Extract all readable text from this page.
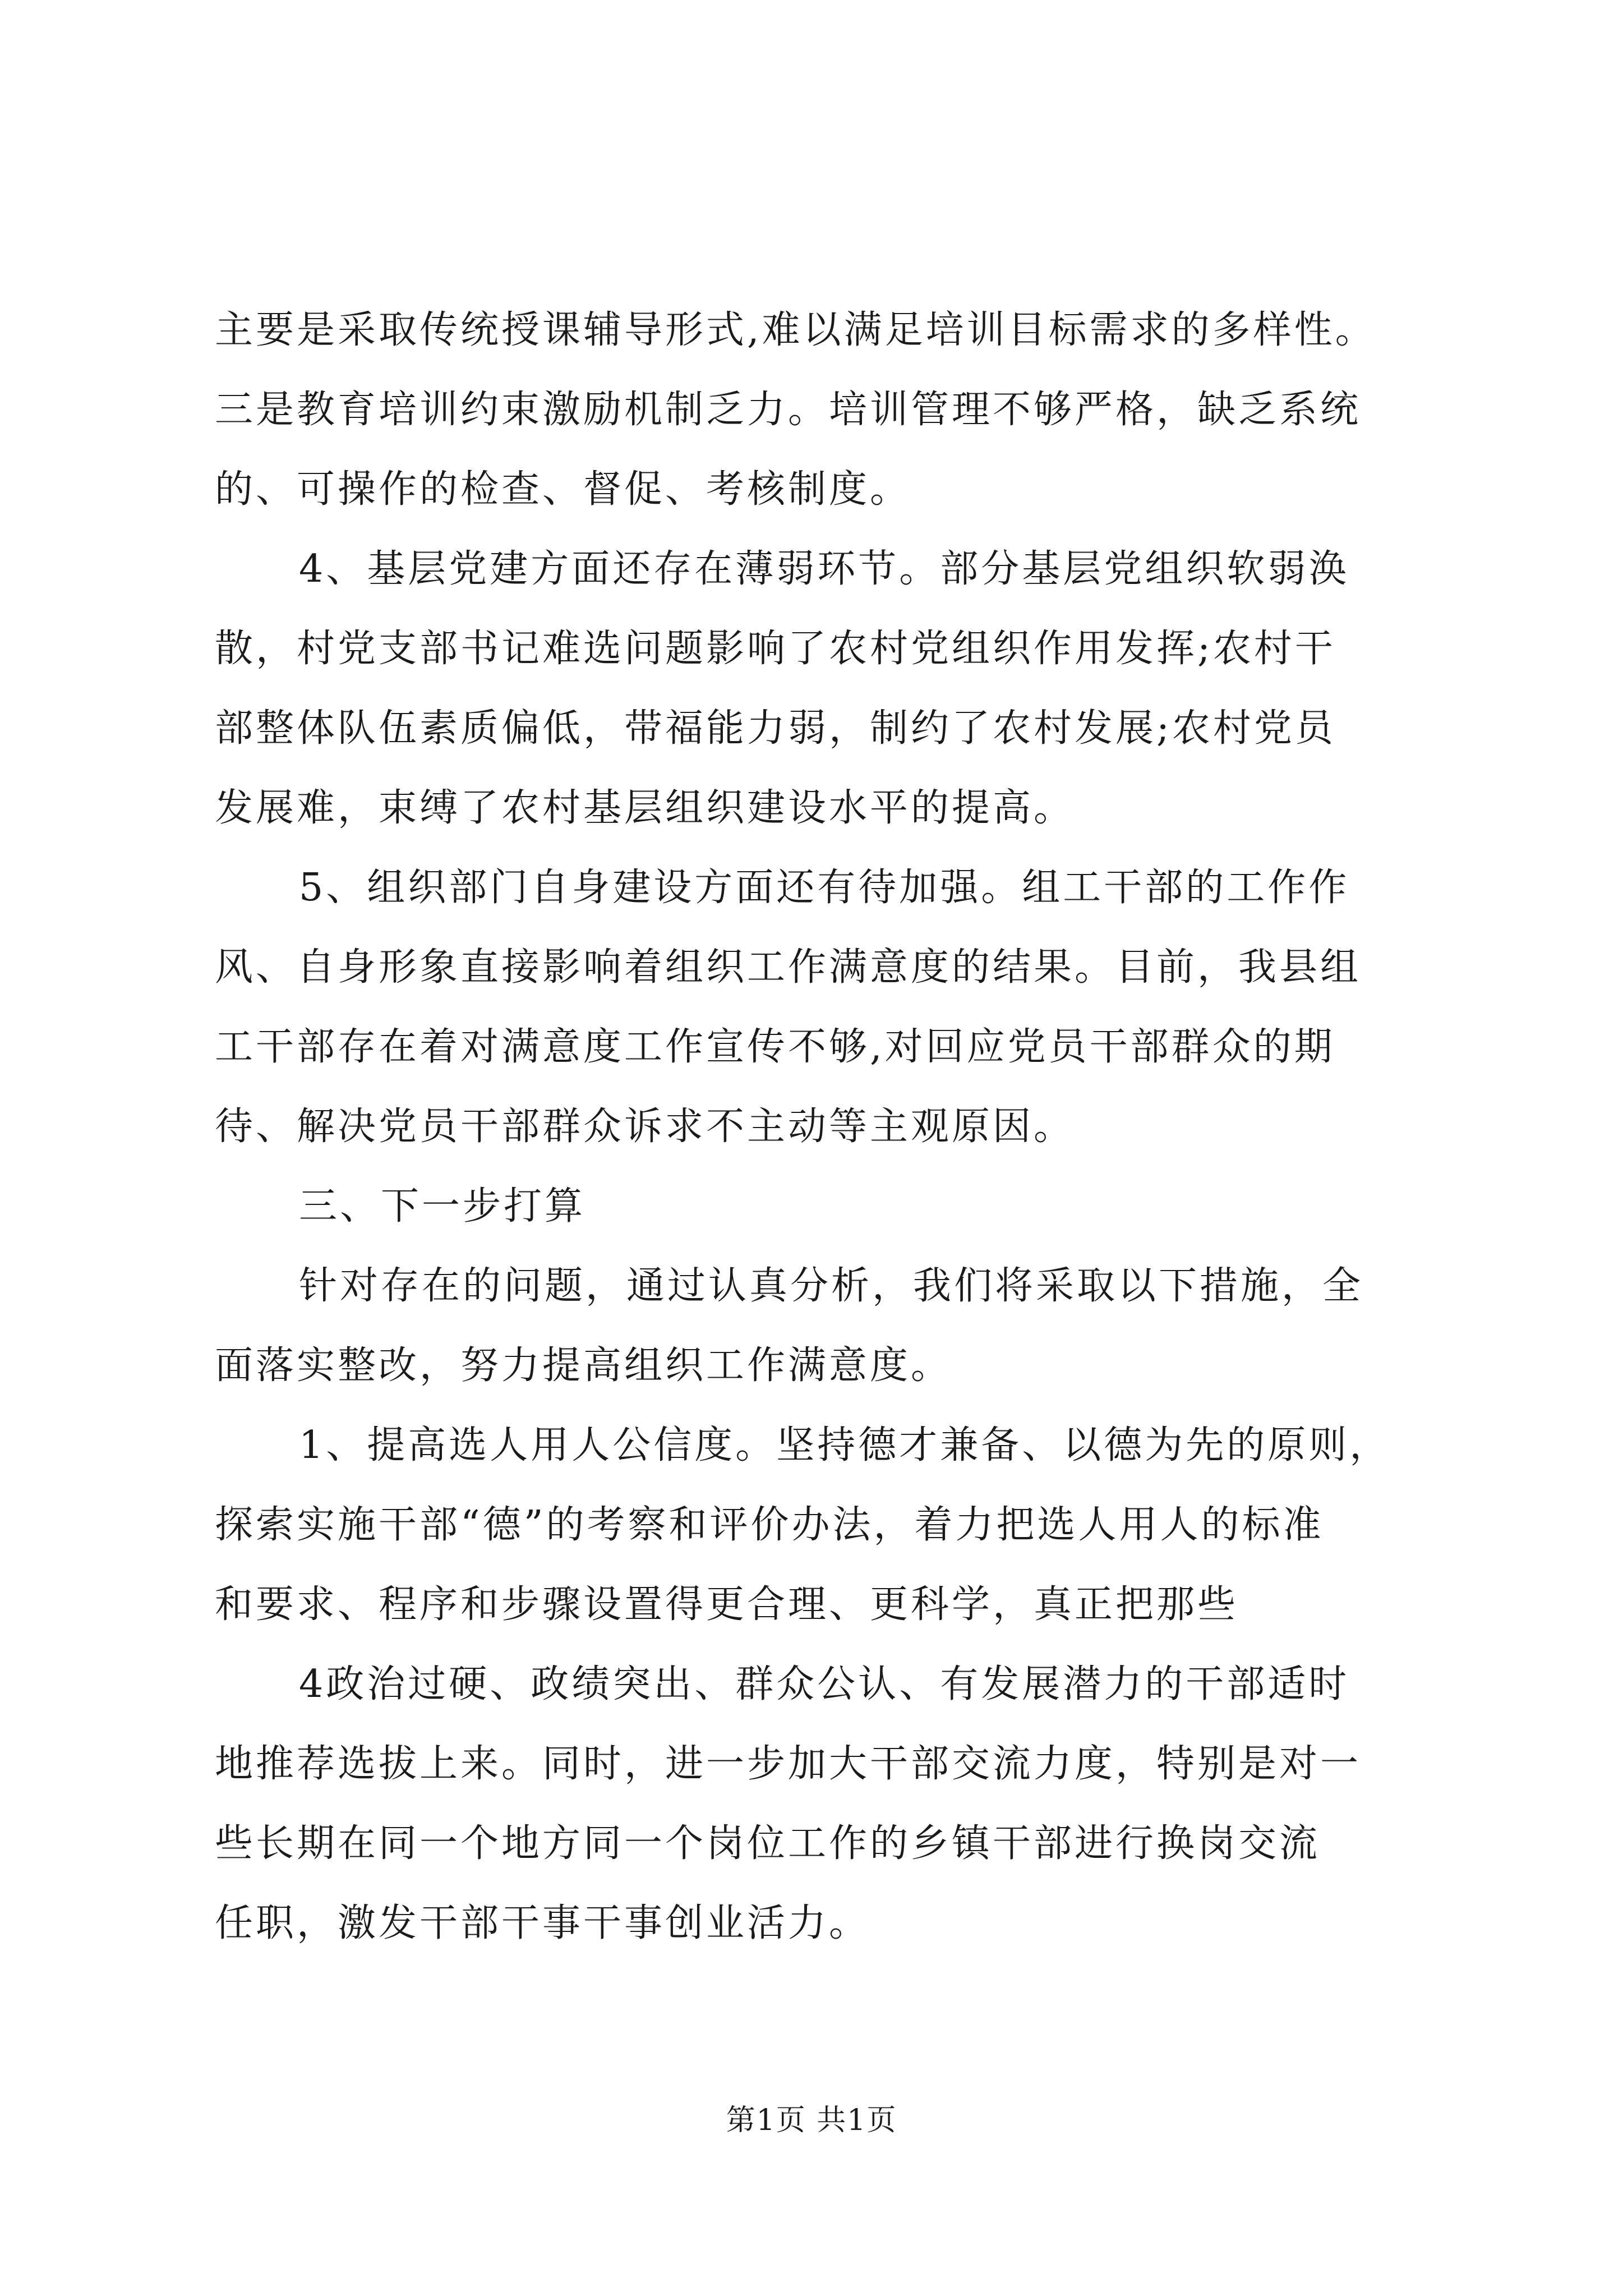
主要是采取传统授课辅导形式,难以满足培训目标需求的多样性。
三是教育培训约束激励机制乏力。培训管理不够严格，缺乏系统
的、可操作的检查、督促、考核制度。
4、基层党建方面还存在薄弱环节。部分基层党组织软弱涣
散，村党支部书记难选问题影响了农村党组织作用发挥;农村干
部整体队伍素质偏低，带福能力弱，制约了农村发展;农村党员
发展难，束缚了农村基层组织建设水平的提高。
5、组织部门自身建设方面还有待加强。组工干部的工作作
风、自身形象直接影响着组织工作满意度的结果。目前，我县组
工干部存在着对满意度工作宣传不够,对回应党员干部群众的期
待、解决党员干部群众诉求不主动等主观原因。
三、下一步打算
针对存在的问题，通过认真分析，我们将采取以下措施，全
面落实整改，努力提高组织工作满意度。
1、提高选人用人公信度。坚持德才兼备、以德为先的原则，
探索实施干部“德”的考察和评价办法，着力把选人用人的标准
和要求、程序和步骤设置得更合理、更科学，真正把那些
4政治过硬、政绩突出、群众公认、有发展潜力的干部适时
地推荐选拔上来。同时，进一步加大干部交流力度，特别是对一
些长期在同一个地方同一个岗位工作的乡镇干部进行换岗交流
任职，激发干部干事干事创业活力。
第1页 共1页
